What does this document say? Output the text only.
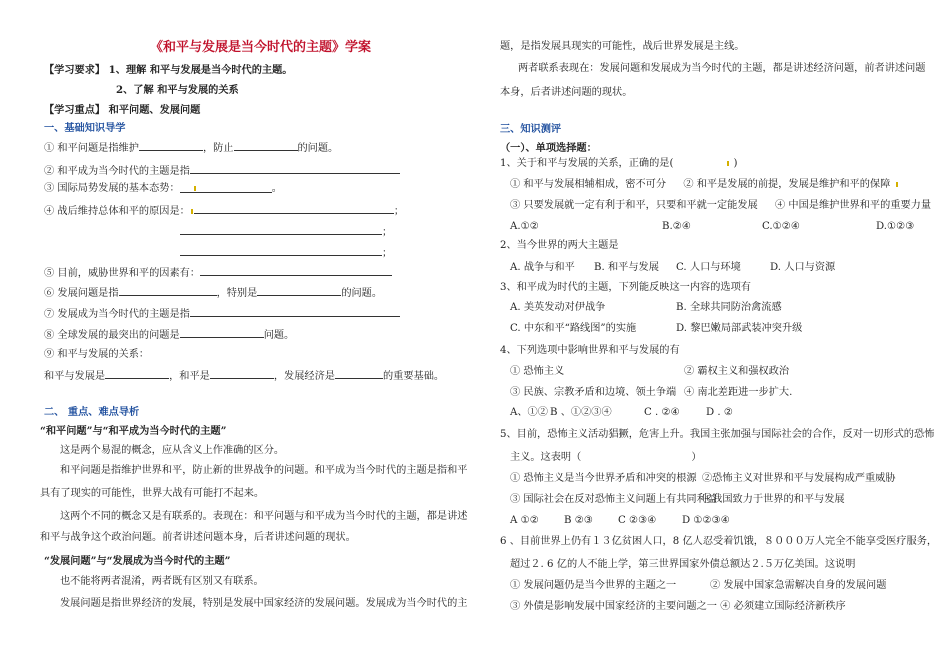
《和平与发展是当今时代的主题》学案
【学习要求】 1、理解 和平与发展是当今时代的主题。
2、了解 和平与发展的关系
【学习重点】 和平问题、发展问题
一、基础知识导学
① 和平问题是指维护	，防止	的问题。
② 和平成为当今时代的主题是指
③ 国际局势发展的基本态势：	。
④ 战后维持总体和平的原因是：	；
；
；
⑤ 目前，威胁世界和平的因素有：
⑥ 发展问题是指	，特别是	的问题。
⑦ 发展成为当今时代的主题是指
⑧ 全球发展的最突出的问题是	问题。
⑨ 和平与发展的关系：
和平与发展是	，和平是	，发展经济是	的重要基础。
二、 重点、难点导析
“和平问题”与“和平成为当今时代的主题”
这是两个易混的概念，应从含义上作准确的区分。
和平问题是指维护世界和平，防止新的世界战争的问题。和平成为当今时代的主题是指和平
具有了现实的可能性，世界大战有可能打不起来。
这两个不同的概念又是有联系的。表现在：和平问题与和平成为当今时代的主题，都是讲述
和平与战争这个政治问题。前者讲述问题本身，后者讲述问题的现状。
“发展问题”与“发展成为当今时代的主题”
也不能将两者混淆，两者既有区别又有联系。
发展问题是指世界经济的发展，特别是发展中国家经济的发展问题。发展成为当今时代的主
题，是指发展具现实的可能性，战后世界发展是主线。
两者联系表现在：发展问题和发展成为当今时代的主题，都是讲述经济问题，前者讲述问题
本身，后者讲述问题的现状。
三、知识测评
（一）、单项选择题：
1、关于和平与发展的关系，正确的是(	)
① 和平与发展相辅相成，密不可分 ② 和平是发展的前提，发展是维护和平的保障
③ 只要发展就一定有利于和平，只要和平就一定能发展 ④ 中国是维护世界和平的重要力量
A.①②	B.②④	C.①②④	D.①②③
2、当今世界的两大主题是
A. 战争与和平 B. 和平与发展 C. 人口与环境	D. 人口与资源
3、和平成为时代的主题，下列能反映这一内容的选项有
A. 美英发动对伊战争	B. 全球共同防治禽流感
C. 中东和平“路线图”的实施	D. 黎巴嫩局部武装冲突升级
4、下列选项中影响世界和平与发展的有
① 恐怖主义	② 霸权主义和强权政治
③ 民族、宗教矛盾和边境、领土争端 ④ 南北差距进一步扩大.
A、①② B 、①②③④	C . ②④	D . ②
5、目前，恐怖主义活动猖獗，危害上升。我国主张加强与国际社会的合作，反对一切形式的恐怖
主义。这表明（	）
① 恐怖主义是当今世界矛盾和冲突的根源 ②恐怖主义对世界和平与发展构成严重威胁
③ 国际社会在反对恐怖主义问题上有共同利益
④我国致力于世界的和平与发展
A ①② B ②③ C ②③④	D ①②③④
6 、目前世界上仍有１３亿贫困人口，8 亿人忍受着饥饿，８０００万人完全不能享受医疗服务，
超过２. 6 亿的人不能上学，第三世界国家外债总额达２.５万亿美国。这说明
① 发展问题仍是当今世界的主题之一	② 发展中国家急需解决自身的发展问题
③ 外债是影响发展中国家经济的主要问题之一 ④ 必须建立国际经济新秩序
